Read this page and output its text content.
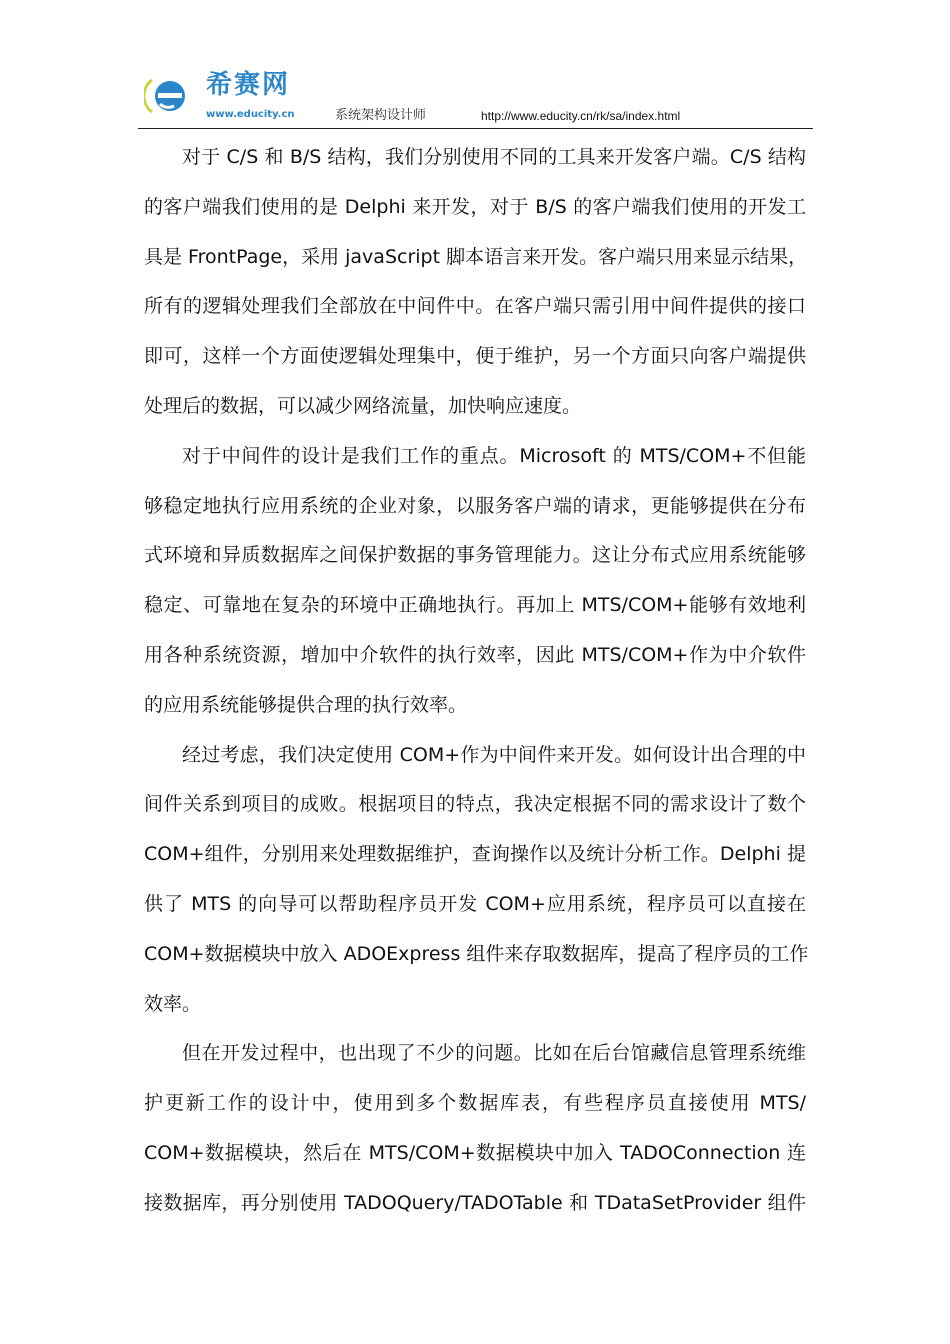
希赛网
www.educity.cn	系统架构设计师	http://www.educity.cn/rk/sa/index.html
对于 C/S 和 B/S 结构，我们分别使用不同的工具来开发客户端。C/S 结构
的客户端我们使用的是 Delphi 来开发，对于 B/S 的客户端我们使用的开发工
具是 FrontPage，采用 javaScript 脚本语言来开发。客户端只用来显示结果，
所有的逻辑处理我们全部放在中间件中。在客户端只需引用中间件提供的接口
即可，这样一个方面使逻辑处理集中，便于维护，另一个方面只向客户端提供
处理后的数据，可以减少网络流量，加快响应速度。
对于中间件的设计是我们工作的重点。Microsoft 的 MTS/COM+不但能
够稳定地执行应用系统的企业对象，以服务客户端的请求，更能够提供在分布
式环境和异质数据库之间保护数据的事务管理能力。这让分布式应用系统能够
稳定、可靠地在复杂的环境中正确地执行。再加上 MTS/COM+能够有效地利
用各种系统资源，增加中介软件的执行效率，因此 MTS/COM+作为中介软件
的应用系统能够提供合理的执行效率。
经过考虑，我们决定使用 COM+作为中间件来开发。如何设计出合理的中
间件关系到项目的成败。根据项目的特点，我决定根据不同的需求设计了数个
COM+组件，分别用来处理数据维护，查询操作以及统计分析工作。Delphi 提
供了 MTS 的向导可以帮助程序员开发 COM+应用系统，程序员可以直接在
COM+数据模块中放入 ADOExpress 组件来存取数据库，提高了程序员的工作
效率。
但在开发过程中，也出现了不少的问题。比如在后台馆藏信息管理系统维
护更新工作的设计中，使用到多个数据库表，有些程序员直接使用 MTS/
COM+数据模块，然后在 MTS/COM+数据模块中加入 TADOConnection 连
接数据库，再分别使用 TADOQuery/TADOTable 和 TDataSetProvider 组件
